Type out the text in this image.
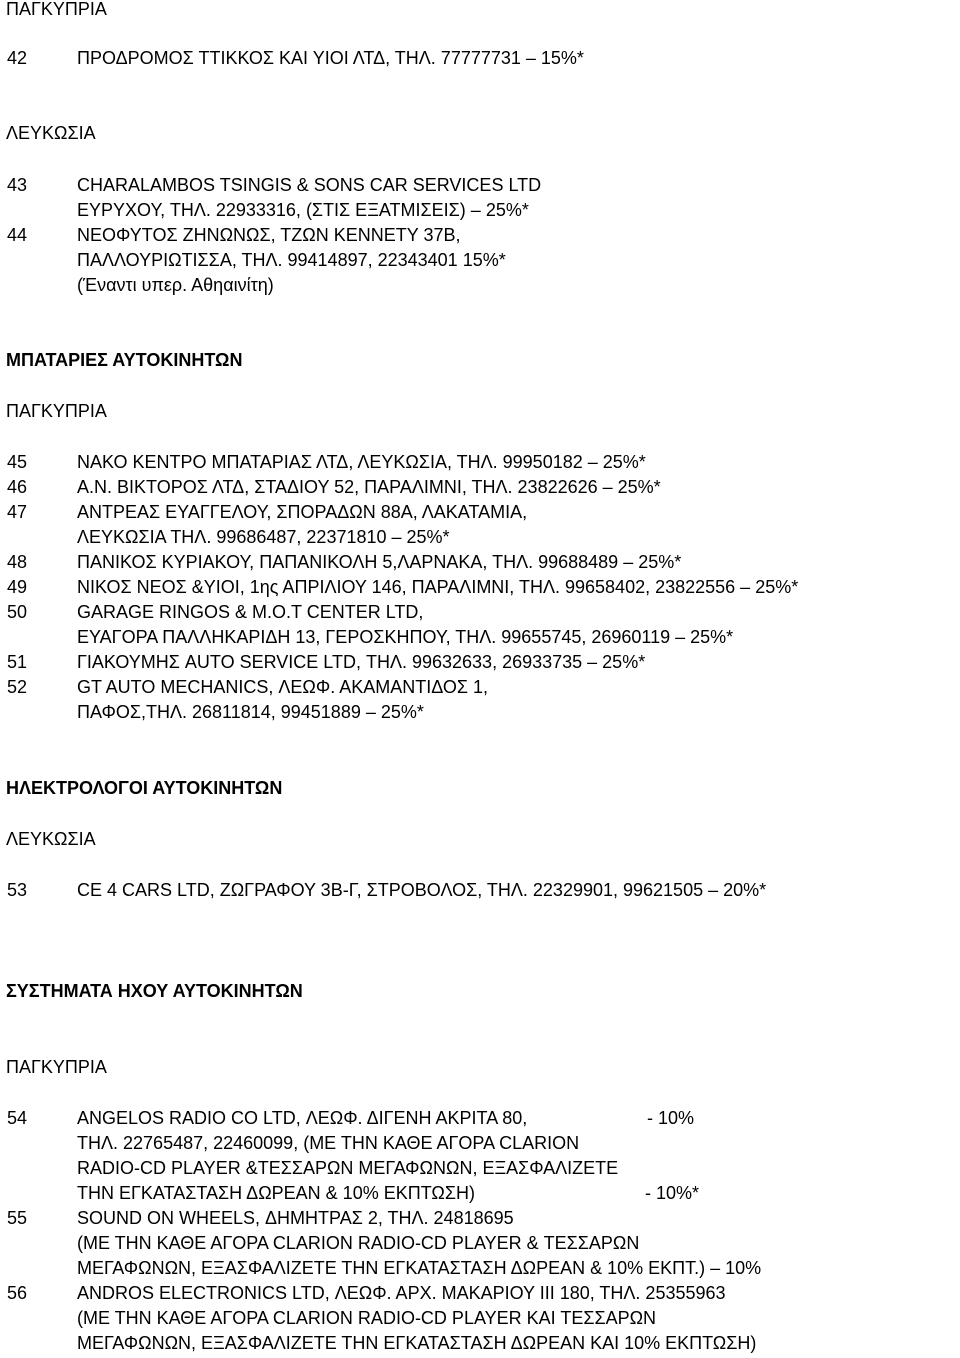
ΠΑΓΚΥΠΡΙΑ
42	ΠΡΟΔΡΟΜΟΣ ΤΤΙΚΚΟΣ ΚΑΙ ΥΙΟΙ ΛΤΔ, ΤΗΛ. 77777731 – 15%*
ΛΕΥΚΩΣΙΑ
43	CHARALAMBOS TSINGIS & SONS CAR SERVICES LTD
ΕΥΡΥΧΟΥ, ΤΗΛ. 22933316, (ΣΤΙΣ ΕΞΑΤΜΙΣΕΙΣ) – 25%*
44	ΝΕΟΦΥΤΟΣ ΖΗΝΩΝΩΣ, ΤΖΩΝ ΚΕΝΝΕΤΥ 37Β,
ΠΑΛΛΟΥΡΙΩΤΙΣΣΑ, ΤΗΛ. 99414897, 22343401 15%*
(Έναντι υπερ. Αθηαινίτη)
ΜΠΑΤΑΡΙΕΣ ΑΥΤΟΚΙΝΗΤΩΝ
ΠΑΓΚΥΠΡΙΑ
45	ΝΑΚΟ ΚΕΝΤΡΟ ΜΠΑΤΑΡΙΑΣ ΛΤΔ, ΛΕΥΚΩΣΙΑ, ΤΗΛ. 99950182 – 25%*
46	Α.Ν. ΒΙΚΤΟΡΟΣ ΛΤΔ, ΣΤΑΔΙΟΥ 52, ΠΑΡΑΛΙΜΝΙ, ΤΗΛ. 23822626 – 25%*
47	ΑΝΤΡΕΑΣ ΕΥΑΓΓΕΛΟΥ, ΣΠΟΡΑΔΩΝ 88Α, ΛΑΚΑΤΑΜΙΑ,
ΛΕΥΚΩΣΙΑ ΤΗΛ. 99686487, 22371810 – 25%*
48	ΠΑΝΙΚΟΣ ΚΥΡΙΑΚΟΥ, ΠΑΠΑΝΙΚΟΛΗ 5,ΛΑΡΝΑΚΑ, ΤΗΛ. 99688489 – 25%*
49	ΝΙΚΟΣ ΝΕΟΣ &ΥΙΟΙ, 1ης ΑΠΡΙΛΙΟΥ 146, ΠΑΡΑΛΙΜΝΙ, ΤΗΛ. 99658402, 23822556 – 25%*
50	GARAGE RINGOS & M.O.T CENTER LTD,
ΕΥΑΓΟΡΑ ΠΑΛΛΗΚΑΡΙΔΗ 13, ΓΕΡΟΣΚΗΠΟΥ, ΤΗΛ. 99655745, 26960119 – 25%*
51	ΓΙΑΚΟΥΜΗΣ AUTO SERVICE LTD, ΤΗΛ. 99632633, 26933735 – 25%*
52	GT AUTO MECHANICS, ΛΕΩΦ. ΑΚΑΜΑΝΤΙΔΟΣ 1,
ΠΑΦΟΣ,ΤΗΛ. 26811814, 99451889 – 25%*
ΗΛΕΚΤΡΟΛΟΓΟΙ ΑΥΤΟΚΙΝΗΤΩΝ
ΛΕΥΚΩΣΙΑ
53	CE 4 CARS LTD, ΖΩΓΡΑΦΟΥ 3Β-Γ, ΣΤΡΟΒΟΛΟΣ, ΤΗΛ. 22329901, 99621505 – 20%*
ΣΥΣΤΗΜΑΤΑ ΗΧΟΥ ΑΥΤΟΚΙΝΗΤΩΝ
ΠΑΓΚΥΠΡΙΑ
54	ANGELOS RADIO CO LTD, ΛΕΩΦ. ΔΙΓΕΝΗ ΑΚΡΙΤΑ 80,	- 10%
ΤΗΛ. 22765487, 22460099, (ΜΕ ΤΗΝ ΚΑΘΕ ΑΓΟΡΑ CLARION
RADIO-CD PLAYER &ΤΕΣΣΑΡΩΝ ΜΕΓΑΦΩΝΩΝ, ΕΞΑΣΦΑΛΙΖΕΤΕ
ΤΗΝ ΕΓΚΑΤΑΣΤΑΣΗ ΔΩΡΕΑΝ & 10% ΕΚΠΤΩΣΗ)	- 10%*
55	SOUND ON WHEELS, ΔΗΜΗΤΡΑΣ 2, ΤΗΛ. 24818695
(ΜΕ ΤΗΝ ΚΑΘΕ ΑΓΟΡΑ CLARION RADIO-CD PLAYER & ΤΕΣΣΑΡΩΝ
ΜΕΓΑΦΩΝΩΝ, ΕΞΑΣΦΑΛΙΖΕΤΕ ΤΗΝ ΕΓΚΑΤΑΣΤΑΣΗ ΔΩΡΕΑΝ & 10% ΕΚΠΤ.) – 10%
56	ANDROS ELECTRONICS LTD, ΛΕΩΦ. ΑΡΧ. ΜΑΚΑΡΙΟΥ ΙΙΙ 180, ΤΗΛ. 25355963
(ΜΕ ΤΗΝ ΚΑΘΕ ΑΓΟΡΑ CLARION RADIO-CD PLAYER ΚΑΙ ΤΕΣΣΑΡΩΝ
ΜΕΓΑΦΩΝΩΝ, ΕΞΑΣΦΑΛΙΖΕΤΕ ΤΗΝ ΕΓΚΑΤΑΣΤΑΣΗ ΔΩΡΕΑΝ ΚΑΙ 10% ΕΚΠΤΩΣΗ)
